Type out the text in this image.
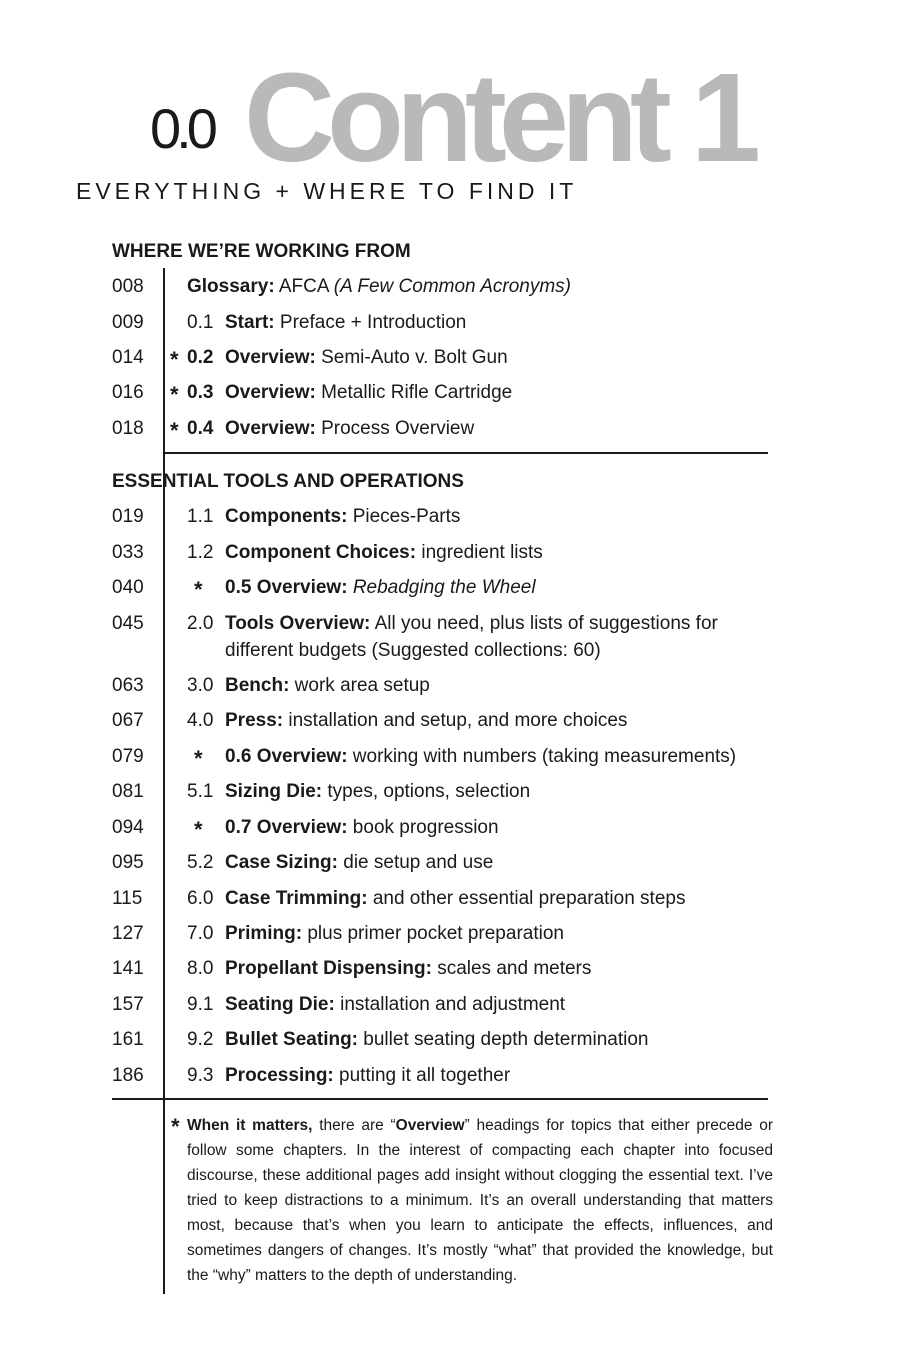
0.0 Content 1
EVERYTHING + WHERE TO FIND IT
WHERE WE’RE WORKING FROM
ESSENTIAL TOOLS AND OPERATIONS
008 Glossary: AFCA (A Few Common Acronyms)
009 0.1 Start: Preface + Introduction
014 * 0.2 Overview: Semi-Auto v. Bolt Gun
016 * 0.3 Overview: Metallic Rifle Cartridge
018 * 0.4 Overview: Process Overview
019 1.1 Components: Pieces-Parts
033 1.2 Component Choices: ingredient lists
040 * 0.5 Overview: Rebadging the Wheel
045 2.0 Tools Overview: All you need, plus lists of suggestions for
different budgets (Suggested collections: 60)
063 3.0 Bench: work area setup
067 4.0 Press: installation and setup, and more choices
079 * 0.6 Overview: working with numbers (taking measurements)
081 5.1 Sizing Die: types, options, selection
094 * 0.7 Overview: book progression
095 5.2 Case Sizing: die setup and use
115 6.0 Case Trimming: and other essential preparation steps
127 7.0 Priming: plus primer pocket preparation
141 8.0 Propellant Dispensing: scales and meters
157 9.1 Seating Die: installation and adjustment
161 9.2 Bullet Seating: bullet seating depth determination
186 9.3 Processing: putting it all together
* When it matters, there are “Overview” headings for topics that either precede or follow some chapters. In the interest of compacting each chapter into focused discourse, these additional pages add insight without clogging the essential text. I’ve tried to keep distractions to a minimum. It’s an overall understanding that matters most, because that’s when you learn to anticipate the effects, influences, and sometimes dangers of changes. It’s mostly “what” that provided the knowledge, but the “why” matters to the depth of understanding.
